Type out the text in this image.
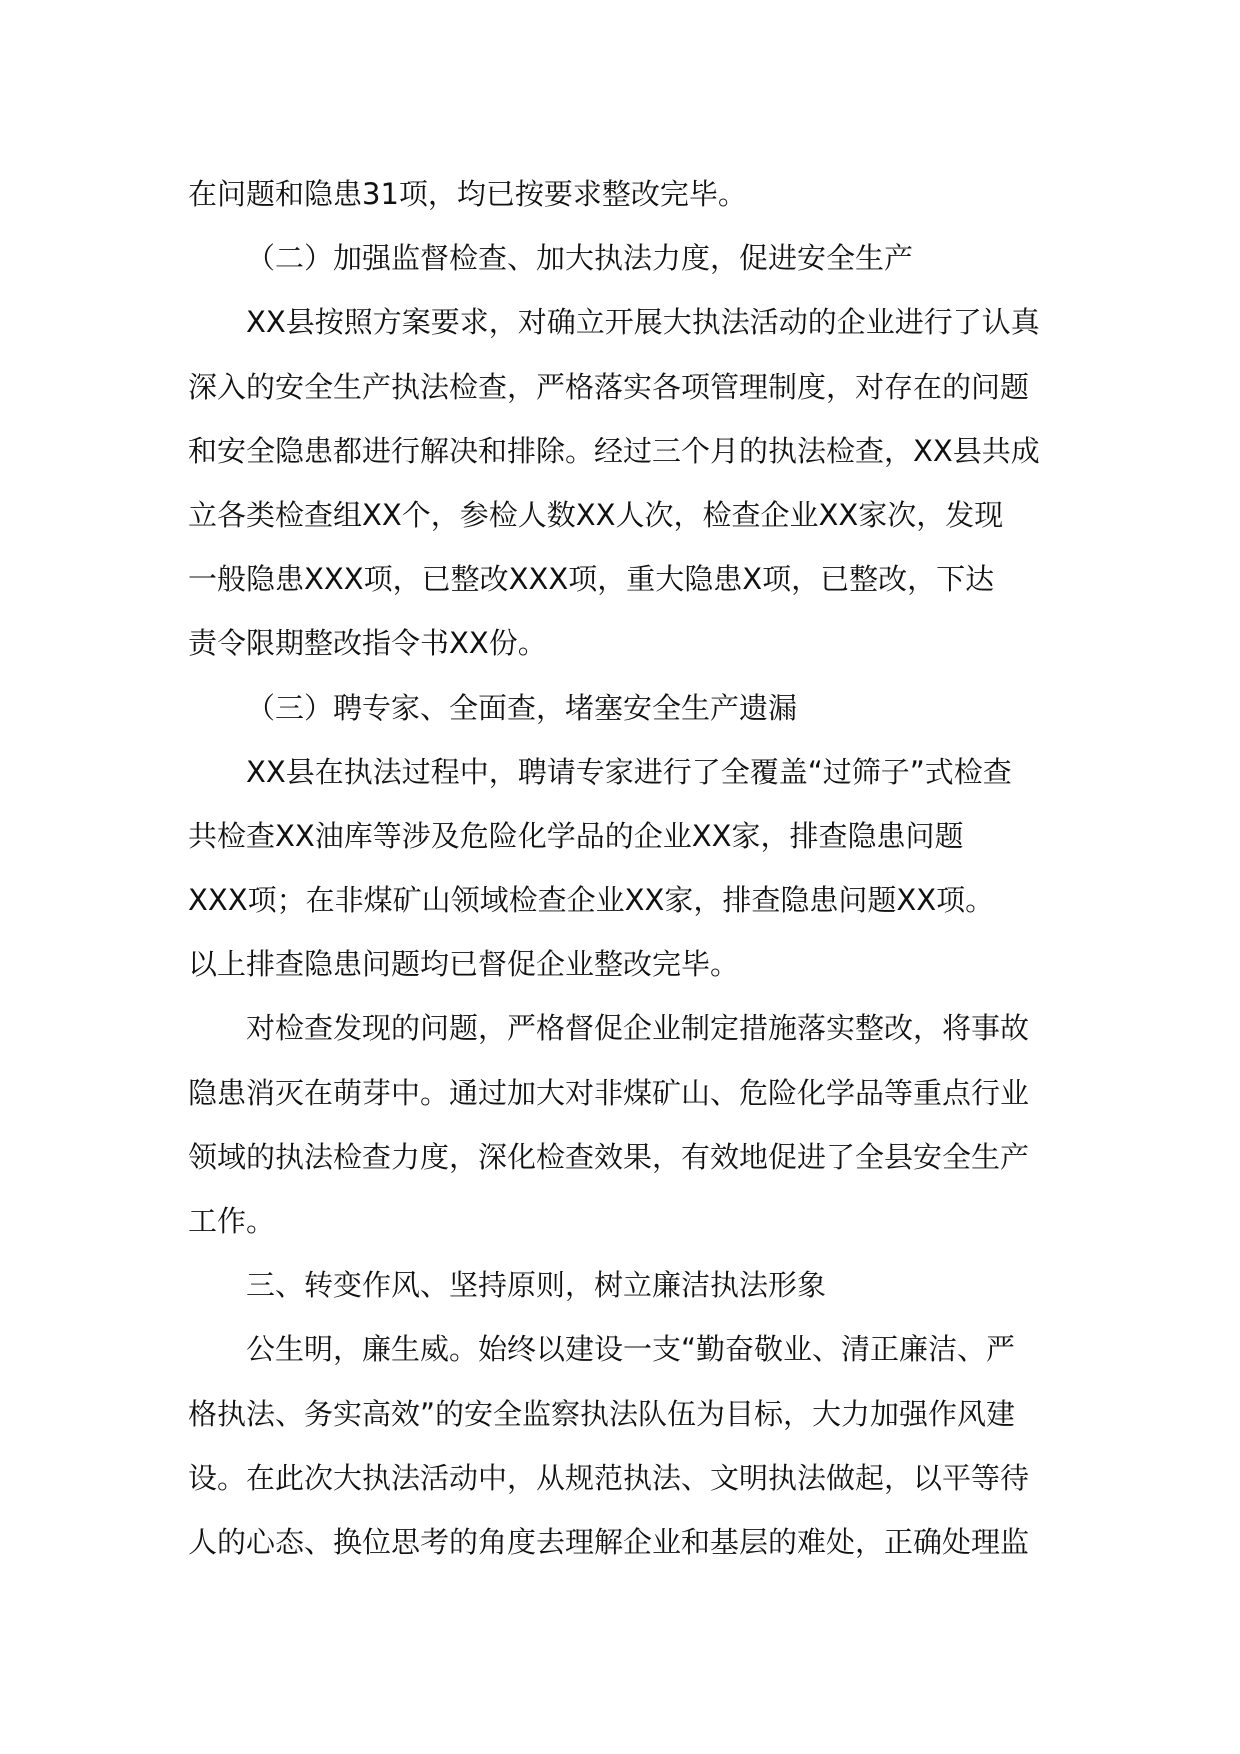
在问题和隐患31项，均已按要求整改完毕。
（二）加强监督检查、加大执法力度，促进安全生产
XX县按照方案要求，对确立开展大执法活动的企业进行了认真
深入的安全生产执法检查，严格落实各项管理制度，对存在的问题
和安全隐患都进行解决和排除。经过三个月的执法检查，XX县共成
立各类检查组XX个，参检人数XX人次，检查企业XX家次，发现
一般隐患XXX项，已整改XXX项，重大隐患X项，已整改，下达
责令限期整改指令书XX份。
（三）聘专家、全面查，堵塞安全生产遗漏
XX县在执法过程中，聘请专家进行了全覆盖“过筛子”式检查
共检查XX油库等涉及危险化学品的企业XX家，排查隐患问题
XXX项；在非煤矿山领域检查企业XX家，排查隐患问题XX项。
以上排查隐患问题均已督促企业整改完毕。
对检查发现的问题，严格督促企业制定措施落实整改，将事故
隐患消灭在萌芽中。通过加大对非煤矿山、危险化学品等重点行业
领域的执法检查力度，深化检查效果，有效地促进了全县安全生产
工作。
三、转变作风、坚持原则，树立廉洁执法形象
公生明，廉生威。始终以建设一支“勤奋敬业、清正廉洁、严
格执法、务实高效”的安全监察执法队伍为目标，大力加强作风建
设。在此次大执法活动中，从规范执法、文明执法做起，以平等待
人的心态、换位思考的角度去理解企业和基层的难处，正确处理监
